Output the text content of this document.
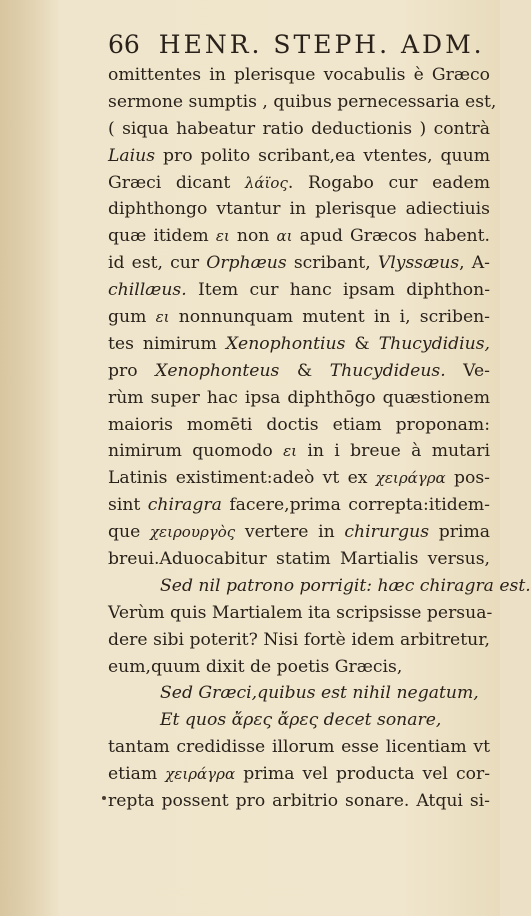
66 HENR. STEPH. ADM.
omittentes in plerisque vocabulis è Græco
sermone sumptis , quibus pernecessaria est,
( siqua habeatur ratio deductionis ) contrà
Laius pro polito scribant,ea vtentes, quum
Græci dicant λάϊος. Rogabo cur eadem
diphthongo vtantur in plerisque adiectiuis
quæ itidem ει non αι apud Græcos habent.
id est, cur Orphæus scribant, Vlyssæus, A-
chillæus. Item cur hanc ipsam diphthon-
gum ει nonnunquam mutent in i, scriben-
tes nimirum Xenophontius & Thucydidius,
pro Xenophonteus & Thucydideus. Ve-
rùm super hac ipsa diphthōgo quæstionem
maioris momēti doctis etiam proponam:
nimirum quomodo ει in i breue à mutari
Latinis existiment:adeò vt ex χειράγρα pos-
sint chiragra facere,prima correpta:itidem-
que χειρουργὸς vertere in chirurgus prima
breui.Aduocabitur statim Martialis versus,
Sed nil patrono porrigit: hæc chiragra est.
Verùm quis Martialem ita scripsisse persua-
dere sibi poterit? Nisi fortè idem arbitretur,
eum,quum dixit de poetis Græcis,
Sed Græci,quibus est nihil negatum,
Et quos ἄρες ἄρες decet sonare,
tantam credidisse illorum esse licentiam vt
etiam χειράγρα prima vel producta vel cor-
repta possent pro arbitrio sonare. Atqui si-
